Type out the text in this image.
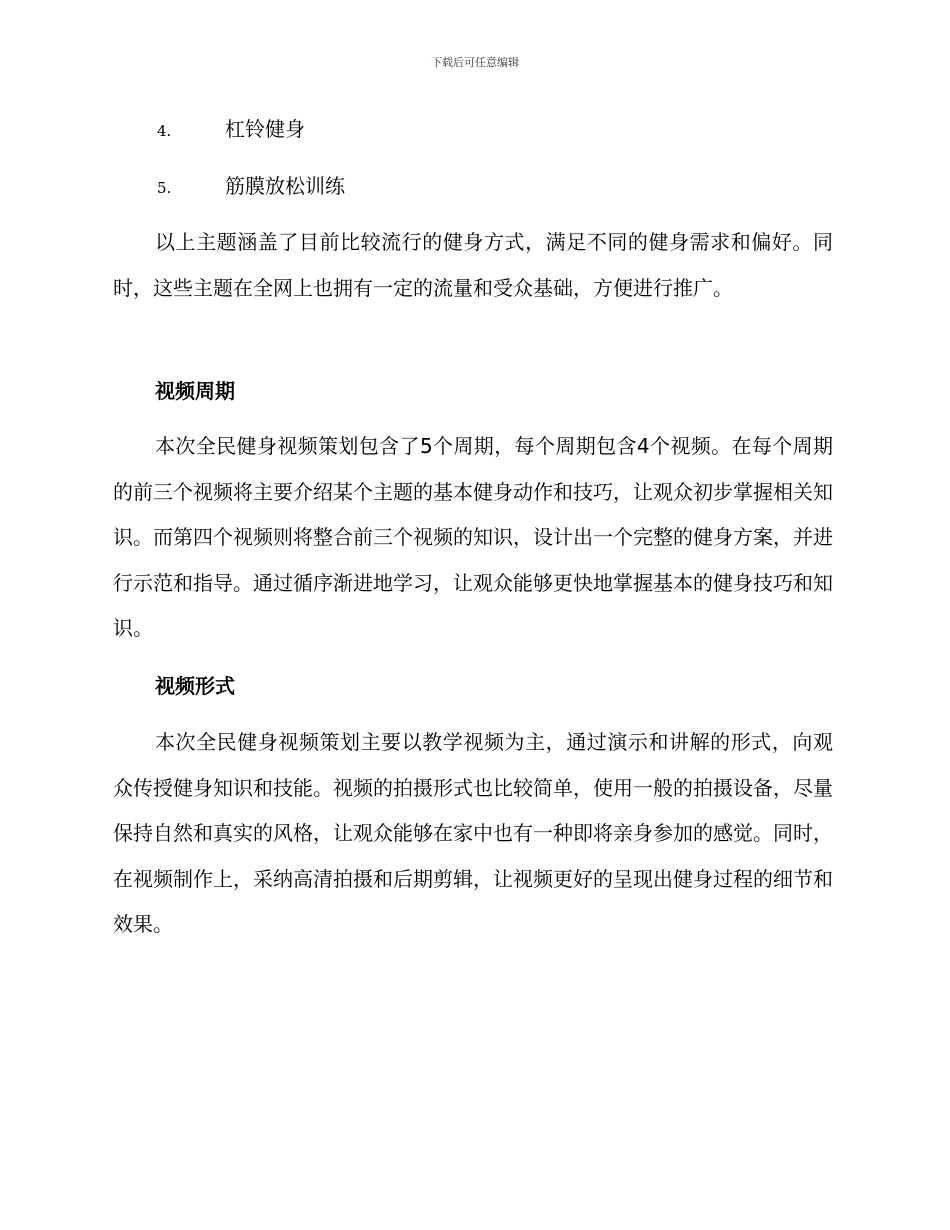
下载后可任意编辑
4.	杠铃健身
5.	筋膜放松训练

以上主题涵盖了目前比较流行的健身方式，满足不同的健身需求和偏好。同时，这些主题在全网上也拥有一定的流量和受众基础，方便进行推广。

视频周期

本次全民健身视频策划包含了5个周期，每个周期包含4个视频。在每个周期的前三个视频将主要介绍某个主题的基本健身动作和技巧，让观众初步掌握相关知识。而第四个视频则将整合前三个视频的知识，设计出一个完整的健身方案，并进行示范和指导。通过循序渐进地学习，让观众能够更快地掌握基本的健身技巧和知识。

视频形式

本次全民健身视频策划主要以教学视频为主，通过演示和讲解的形式，向观众传授健身知识和技能。视频的拍摄形式也比较简单，使用一般的拍摄设备，尽量保持自然和真实的风格，让观众能够在家中也有一种即将亲身参加的感觉。同时，在视频制作上，采纳高清拍摄和后期剪辑，让视频更好的呈现出健身过程的细节和效果。
